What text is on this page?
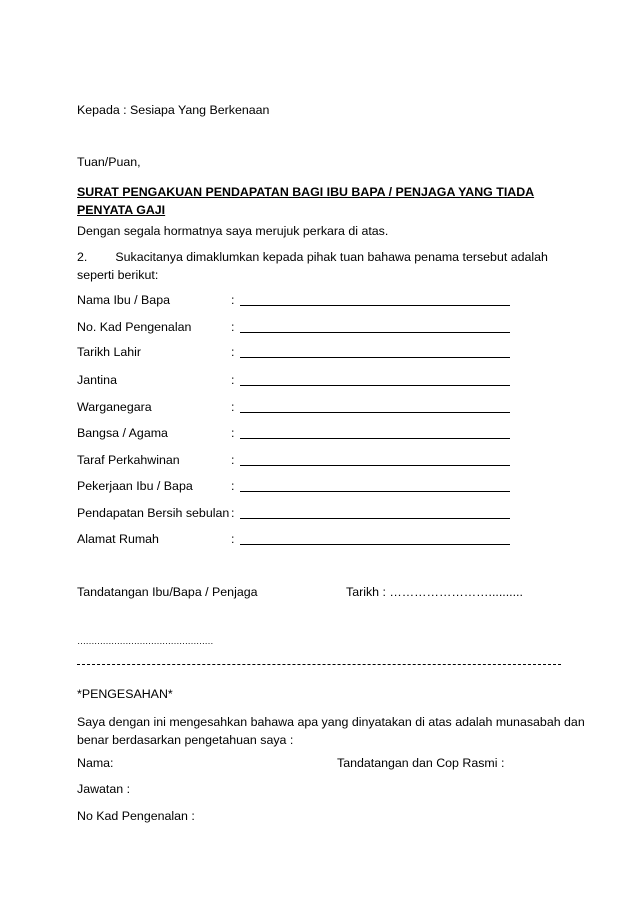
Kepada : Sesiapa Yang Berkenaan
Tuan/Puan,
SURAT PENGAKUAN PENDAPATAN BAGI IBU BAPA / PENJAGA YANG TIADA
PENYATA GAJI
Dengan segala hormatnya saya merujuk perkara di atas.
2. Sukacitanya dimaklumkan kepada pihak tuan bahawa penama tersebut adalah
seperti berikut:
Nama Ibu / Bapa	:
No. Kad Pengenalan	:
Tarikh Lahir	:
Jantina	:
Warganegara	:
Bangsa / Agama	:
Taraf Perkahwinan	:
Pekerjaan Ibu / Bapa	:
Pendapatan Bersih sebulan :
Alamat Rumah	:
Tandatangan Ibu/Bapa / Penjaga	Tarikh : ……………………..........
…………………………………………
*PENGESAHAN*
Saya dengan ini mengesahkan bahawa apa yang dinyatakan di atas adalah munasabah dan
benar berdasarkan pengetahuan saya :
Nama:	Tandatangan dan Cop Rasmi :
Jawatan :
No Kad Pengenalan :
